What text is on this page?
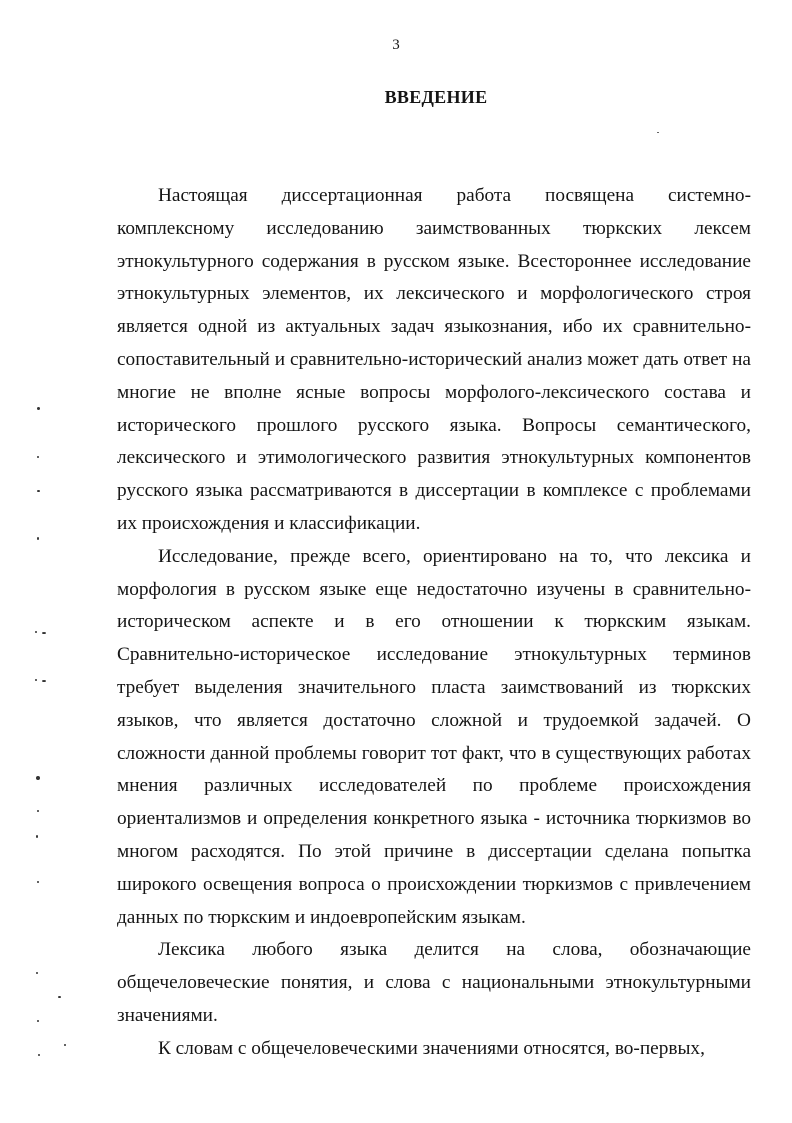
3
ВВЕДЕНИЕ

Настоящая диссертационная работа посвящена системно-комплексному исследованию заимствованных тюркских лексем этнокультурного содержания в русском языке. Всестороннее исследование этнокультурных элементов, их лексического и морфологического строя является одной из актуальных задач языкознания, ибо их сравнительно-сопоставительный и сравнительно-исторический анализ может дать ответ на многие не вполне ясные вопросы морфолого-лексического состава и исторического прошлого русского языка. Вопросы семантического, лексического и этимологического развития этнокультурных компонентов русского языка рассматриваются в диссертации в комплексе с проблемами их происхождения и классификации.

Исследование, прежде всего, ориентировано на то, что лексика и морфология в русском языке еще недостаточно изучены в сравнительно-историческом аспекте и в его отношении к тюркским языкам. Сравнительно-историческое исследование этнокультурных терминов требует выделения значительного пласта заимствований из тюркских языков, что является достаточно сложной и трудоемкой задачей. О сложности данной проблемы говорит тот факт, что в существующих работах мнения различных исследователей по проблеме происхождения ориентализмов и определения конкретного языка - источника тюркизмов во многом расходятся. По этой причине в диссертации сделана попытка широкого освещения вопроса о происхождении тюркизмов с привлечением данных по тюркским и индоевропейским языкам.

Лексика любого языка делится на слова, обозначающие общечеловеческие понятия, и слова с национальными этнокультурными значениями.

К словам с общечеловеческими значениями относятся, во-первых,
